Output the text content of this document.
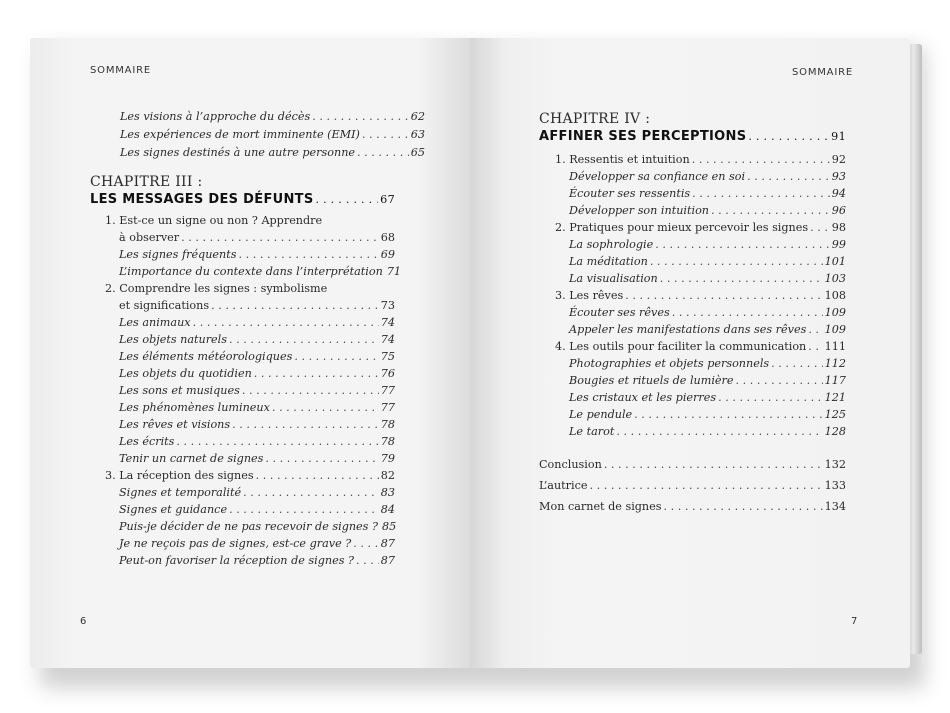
SOMMAIRE
Les visions à l’approche du décès . . .	62
Les expériences de mort imminente (EMI) . . .	63
Les signes destinés à une autre personne . . .	65
CHAPITRE III :
LES MESSAGES DES DÉFUNTS . . .	67
1. Est-ce un signe ou non ? Apprendre
à observer . . .	68
Les signes fréquents . . .	69
L’importance du contexte dans l’interprétation 71
2. Comprendre les signes : symbolisme
et significations . . .	73
Les animaux . . .	74
Les objets naturels . . .	74
Les éléments météorologiques . . .	75
Les objets du quotidien . . .	76
Les sons et musiques . . .	77
Les phénomènes lumineux . . .	77
Les rêves et visions . . .	78
Les écrits . . .	78
Tenir un carnet de signes . . .	79
3. La réception des signes . . .	82
Signes et temporalité . . .	83
Signes et guidance . . .	84
Puis-je décider de ne pas recevoir de signes ? 85
Je ne reçois pas de signes, est-ce grave ? . . .	87
Peut-on favoriser la réception de signes ? . . . 87
6
SOMMAIRE
CHAPITRE IV :
AFFINER SES PERCEPTIONS . . .	91
1. Ressentis et intuition . . .	92
Développer sa confiance en soi . . .	93
Écouter ses ressentis . . .	94
Développer son intuition . . .	96
2. Pratiques pour mieux percevoir les signes . . . 98
La sophrologie . . .	99
La méditation . . .	101
La visualisation . . .	103
3. Les rêves . . .	108
Écouter ses rêves . . .	109
Appeler les manifestations dans ses rêves . . . 109
4. Les outils pour faciliter la communication . . . 111
Photographies et objets personnels . . .	112
Bougies et rituels de lumière . . .	117
Les cristaux et les pierres . . .	121
Le pendule . . .	125
Le tarot . . .	128
Conclusion . . .	132
L’autrice . . .	133
Mon carnet de signes . . .	134
7
